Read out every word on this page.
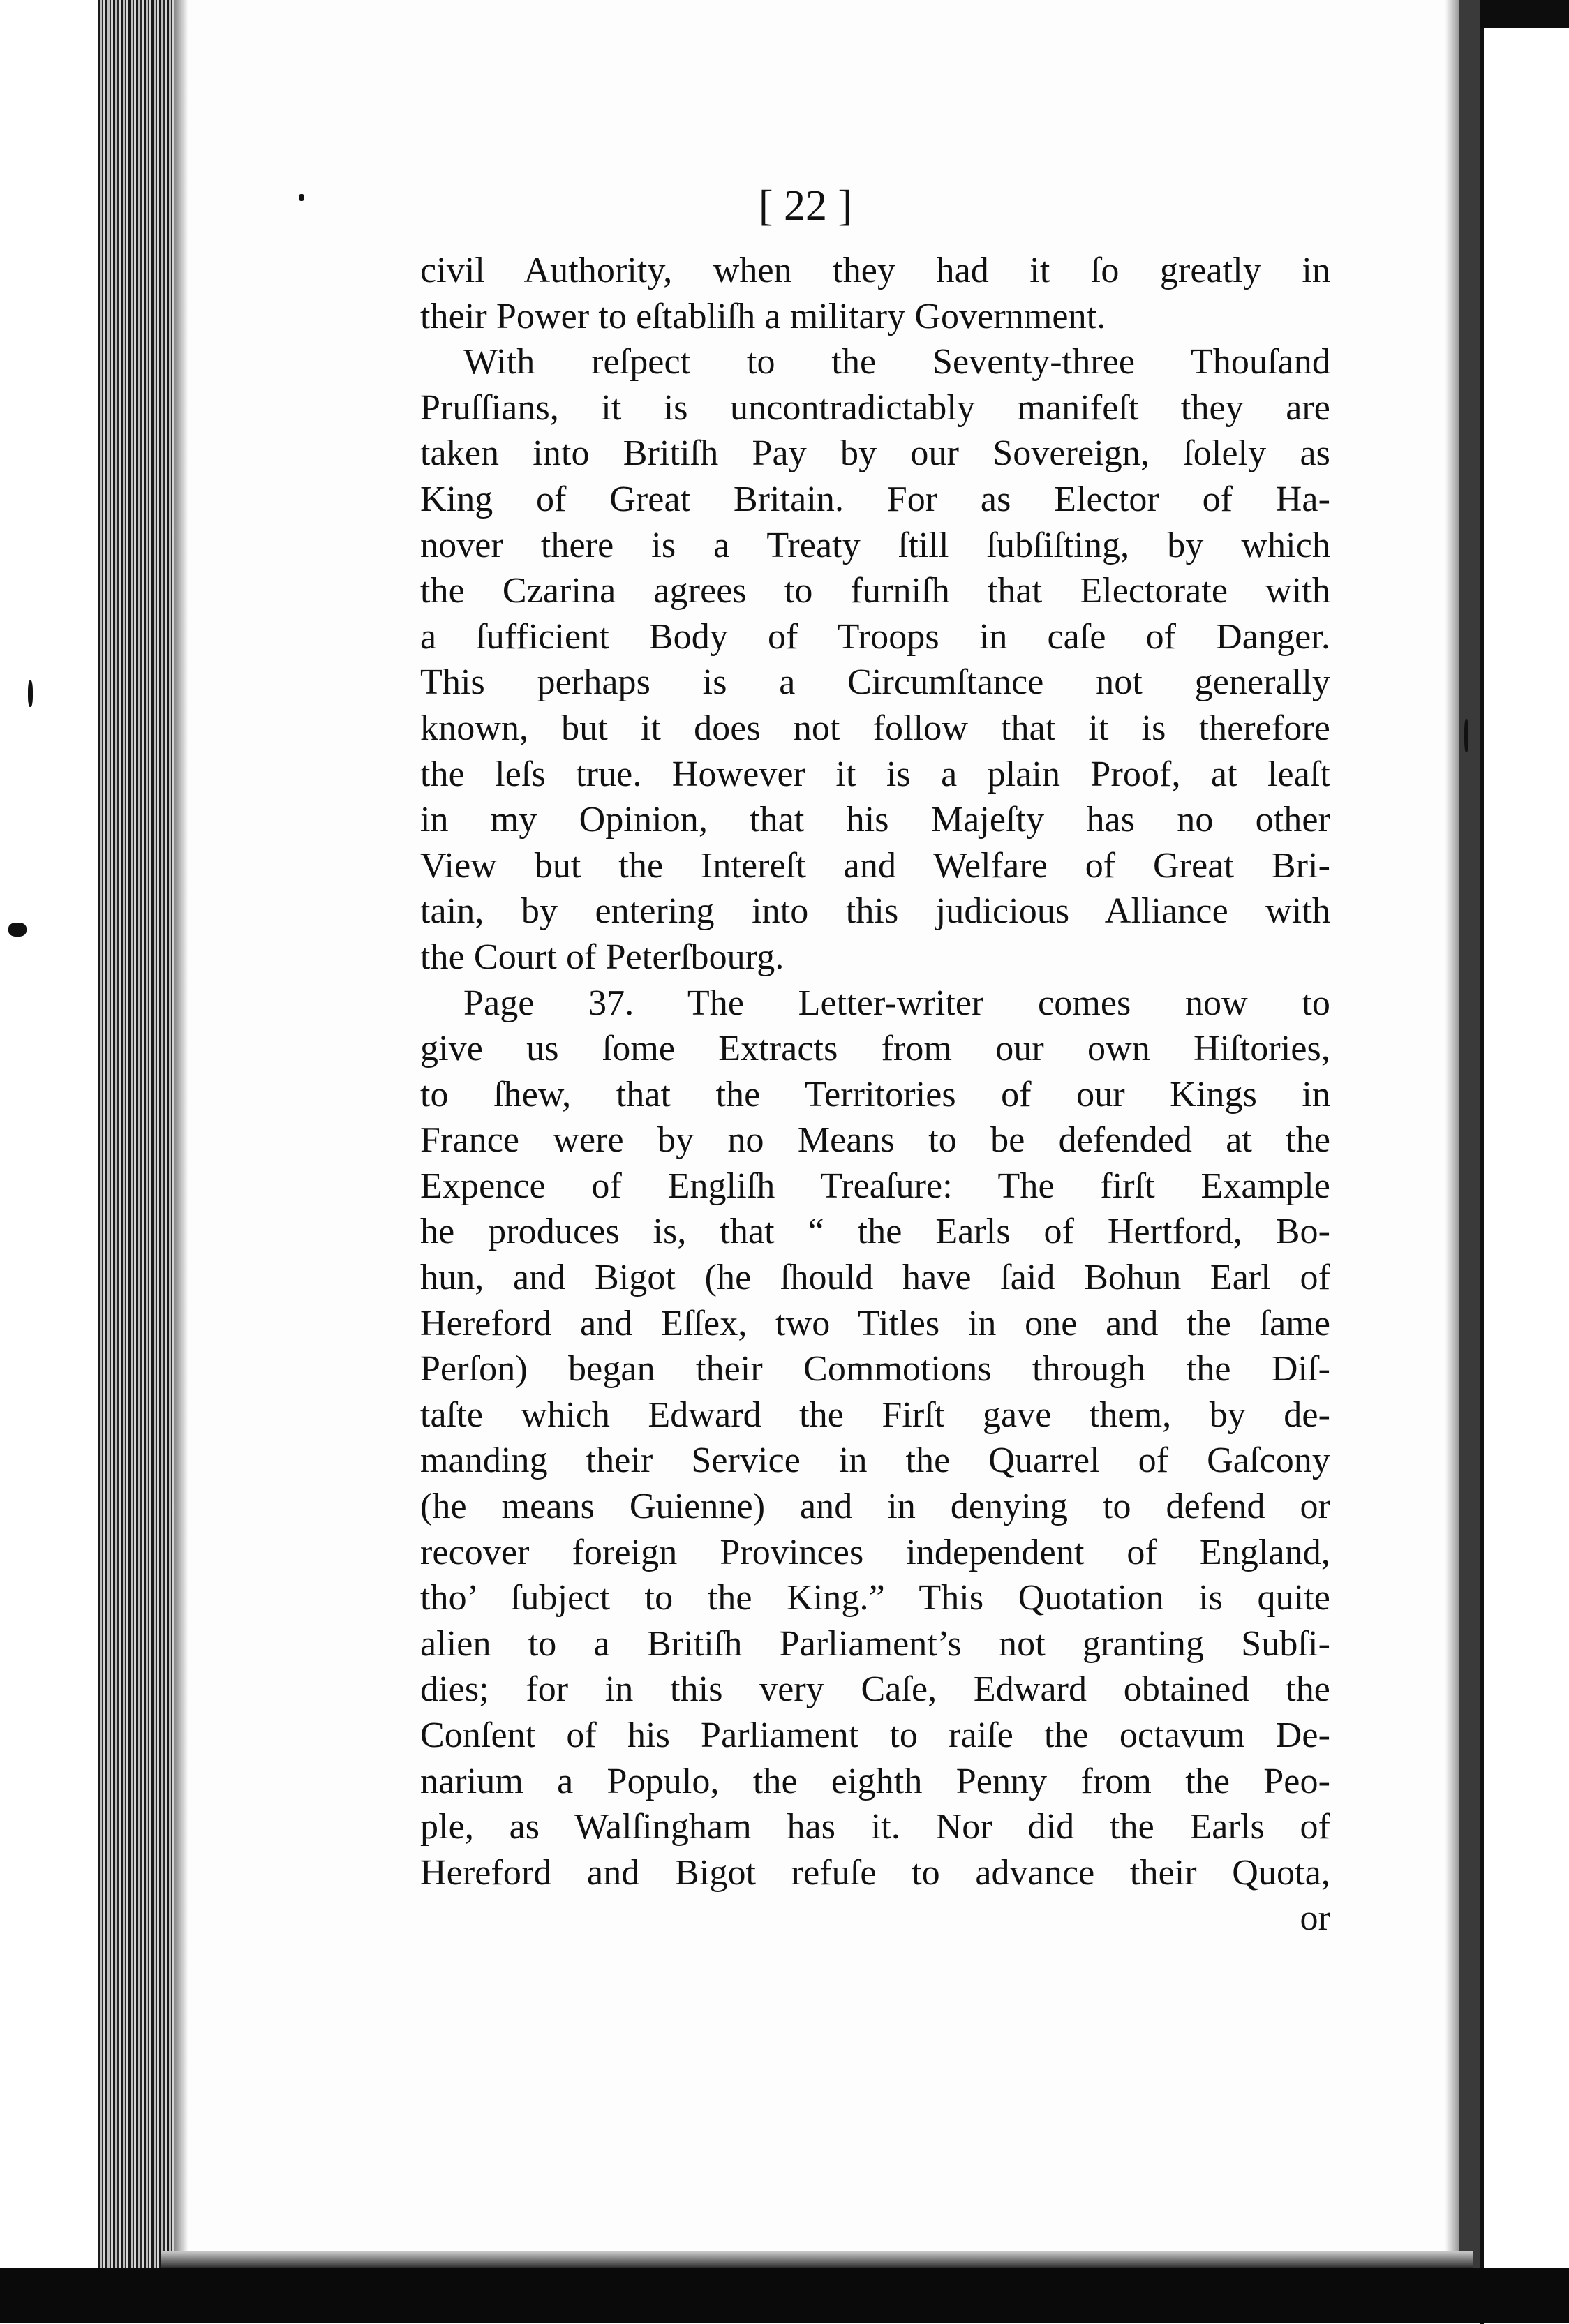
[ 22 ]
civil Authority, when they had it ſo greatly in
their Power to eſtabliſh a military Government.
With reſpect to the Seventy-three Thouſand
Pruſſians, it is uncontradictably manifeſt they are
taken into Britiſh Pay by our Sovereign, ſolely as
King of Great Britain. For as Elector of Ha-
nover there is a Treaty ſtill ſubſiſting, by which
the Czarina agrees to furniſh that Electorate with
a ſufficient Body of Troops in caſe of Danger.
This perhaps is a Circumſtance not generally
known, but it does not follow that it is therefore
the leſs true. However it is a plain Proof, at leaſt
in my Opinion, that his Majeſty has no other
View but the Intereſt and Welfare of Great Bri-
tain, by entering into this judicious Alliance with
the Court of Peterſbourg.
Page 37. The Letter-writer comes now to
give us ſome Extracts from our own Hiſtories,
to ſhew, that the Territories of our Kings in
France were by no Means to be defended at the
Expence of Engliſh Treaſure: The firſt Example
he produces is, that “ the Earls of Hertford, Bo-
hun, and Bigot (he ſhould have ſaid Bohun Earl of
Hereford and Eſſex, two Titles in one and the ſame
Perſon) began their Commotions through the Diſ-
taſte which Edward the Firſt gave them, by de-
manding their Service in the Quarrel of Gaſcony
(he means Guienne) and in denying to defend or
recover foreign Provinces independent of England,
tho’ ſubject to the King.” This Quotation is quite
alien to a Britiſh Parliament’s not granting Subſi-
dies; for in this very Caſe, Edward obtained the
Conſent of his Parliament to raiſe the octavum De-
narium a Populo, the eighth Penny from the Peo-
ple, as Walſingham has it. Nor did the Earls of
Hereford and Bigot refuſe to advance their Quota,
or
